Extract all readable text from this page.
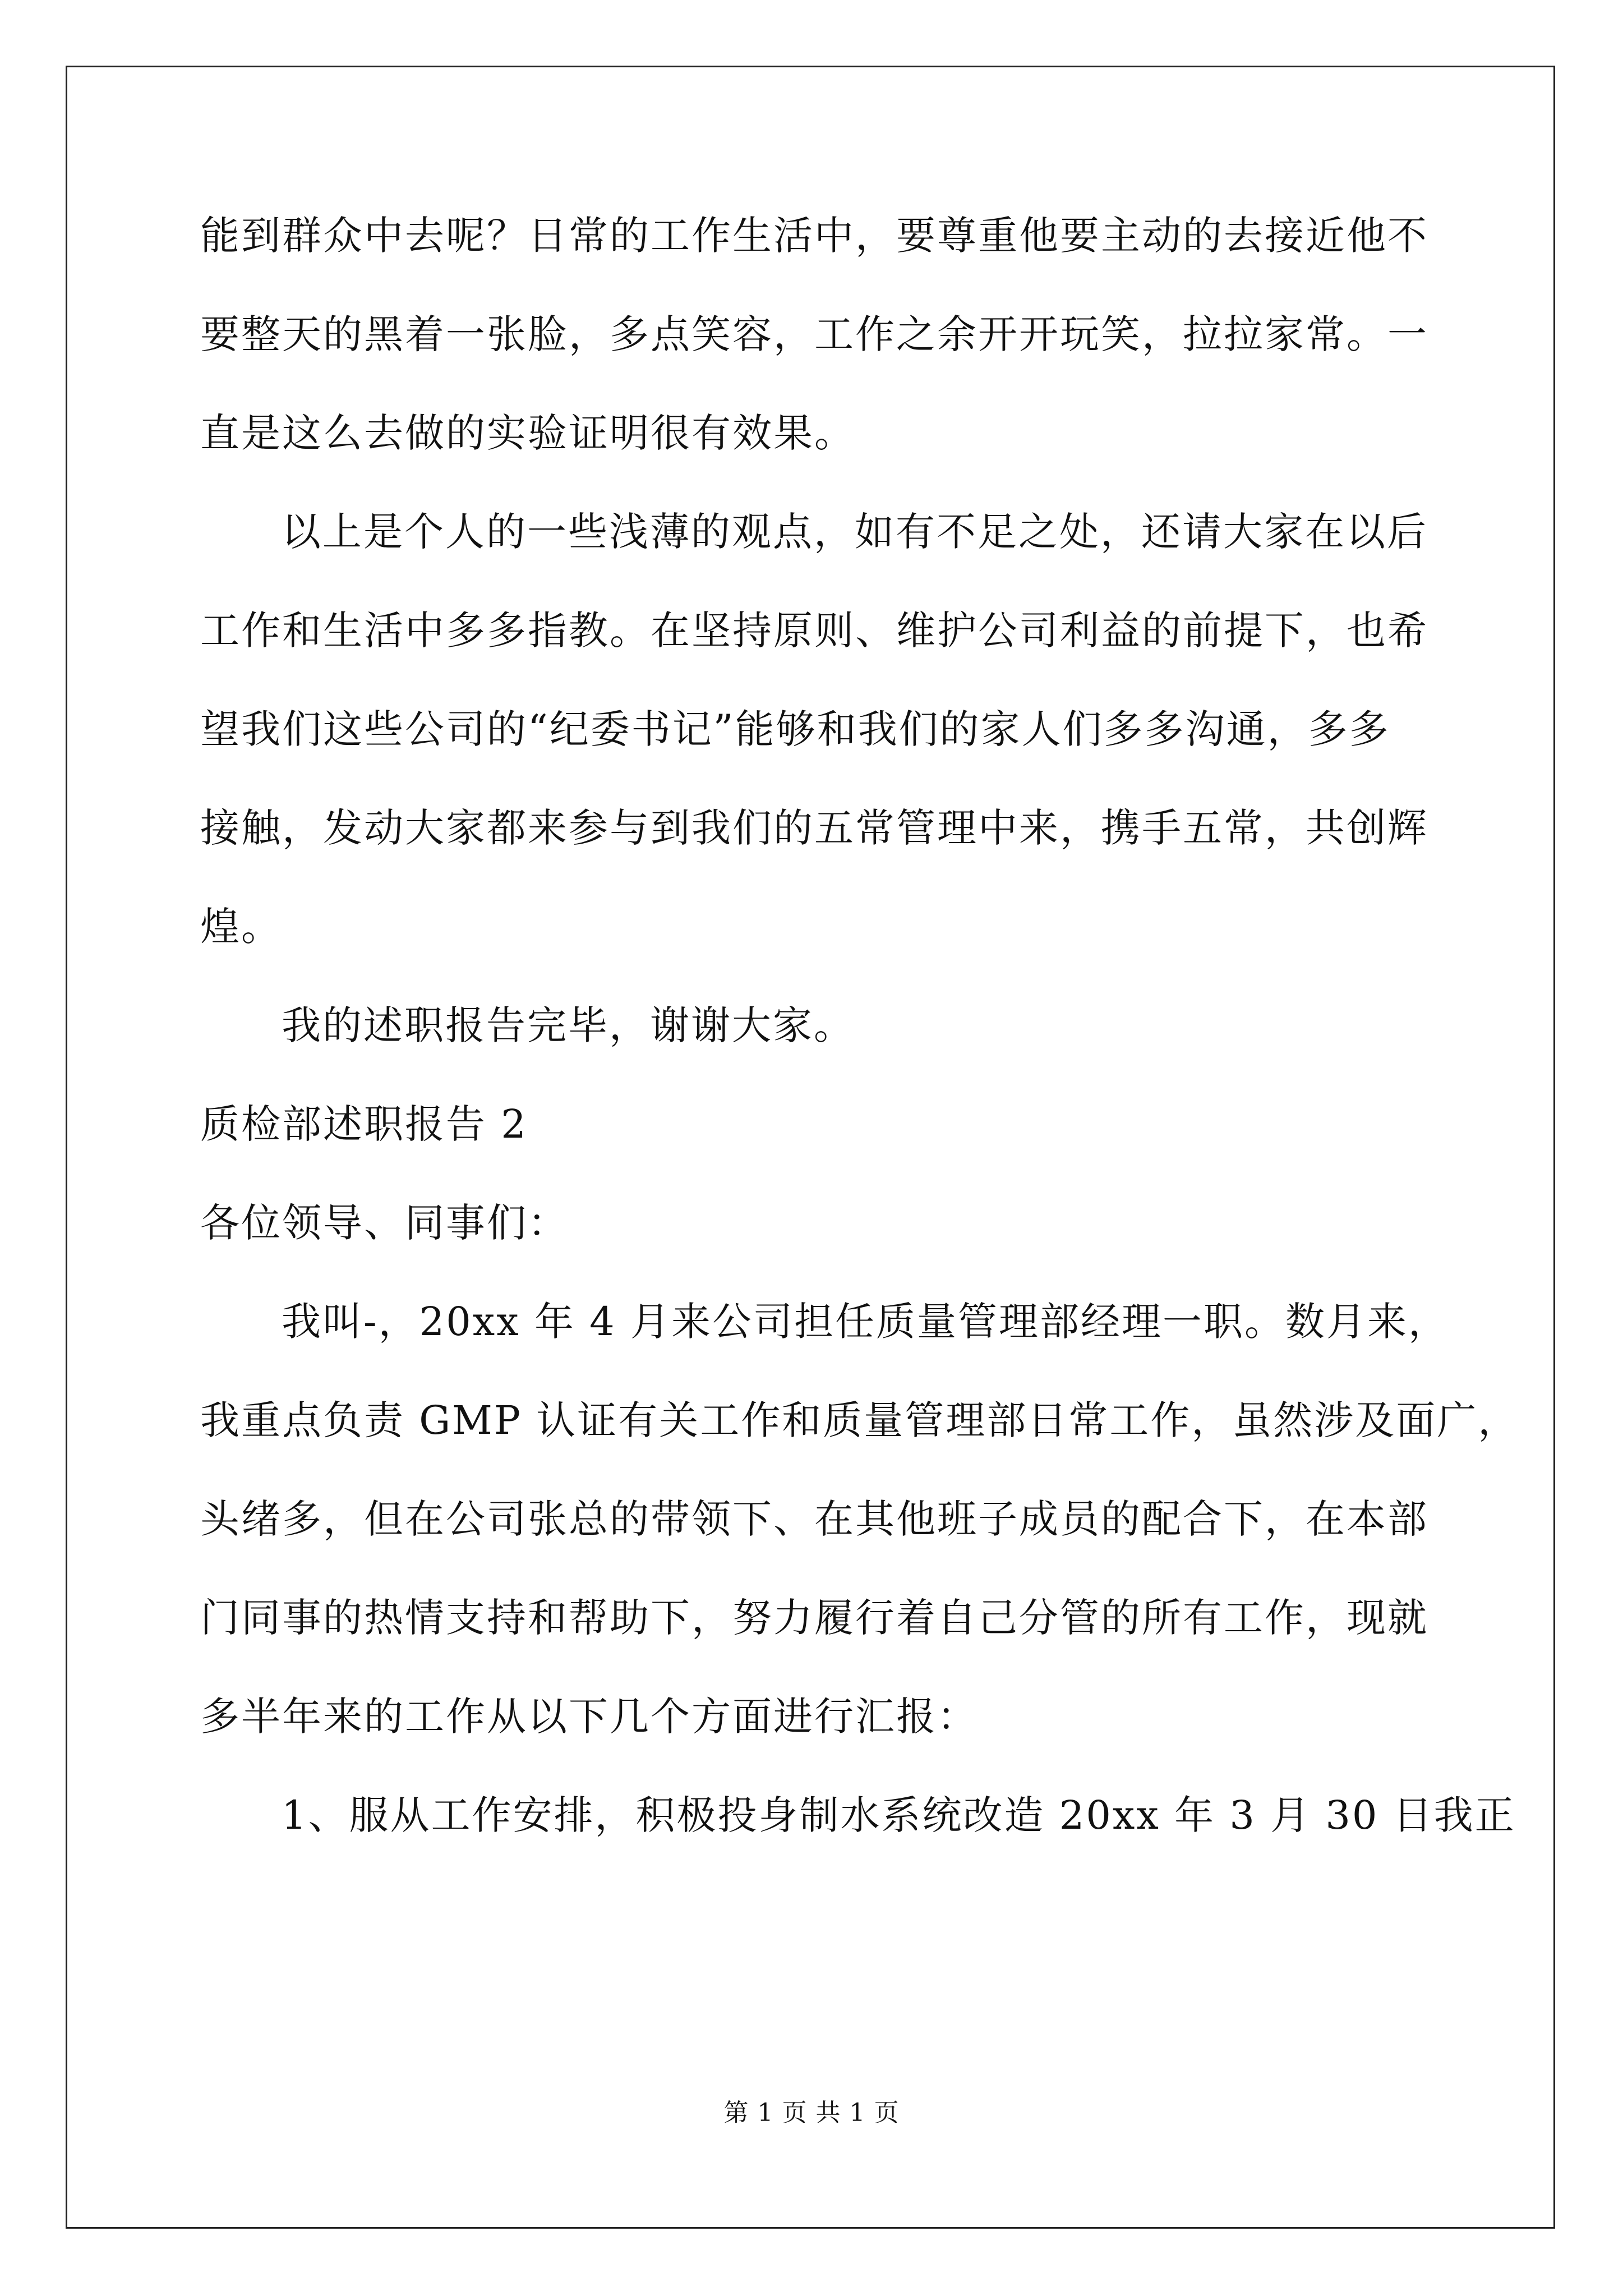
能到群众中去呢？日常的工作生活中，要尊重他要主动的去接近他不

要整天的黑着一张脸，多点笑容，工作之余开开玩笑，拉拉家常。一

直是这么去做的实验证明很有效果。

以上是个人的一些浅薄的观点，如有不足之处，还请大家在以后

工作和生活中多多指教。在坚持原则、维护公司利益的前提下，也希

望我们这些公司的“纪委书记”能够和我们的家人们多多沟通，多多

接触，发动大家都来参与到我们的五常管理中来，携手五常，共创辉

煌。

我的述职报告完毕，谢谢大家。

质检部述职报告 2

各位领导、同事们：

我叫-，20xx 年 4 月来公司担任质量管理部经理一职。数月来，

我重点负责 GMP 认证有关工作和质量管理部日常工作，虽然涉及面广，

头绪多，但在公司张总的带领下、在其他班子成员的配合下，在本部

门同事的热情支持和帮助下，努力履行着自己分管的所有工作，现就

多半年来的工作从以下几个方面进行汇报：

1、服从工作安排，积极投身制水系统改造 20xx 年 3 月 30 日我正

第 1 页 共 1 页
